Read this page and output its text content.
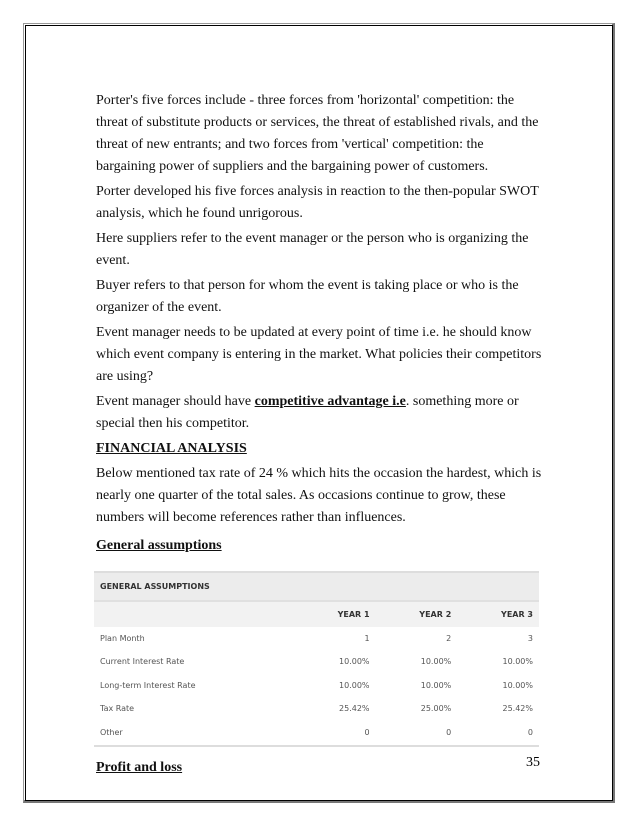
Porter's five forces include - three forces from 'horizontal' competition: the threat of substitute products or services, the threat of established rivals, and the threat of new entrants; and two forces from 'vertical' competition: the bargaining power of suppliers and the bargaining power of customers.

Porter developed his five forces analysis in reaction to the then-popular SWOT analysis, which he found unrigorous.

Here suppliers refer to the event manager or the person who is organizing the event.

Buyer refers to that person for whom the event is taking place or who is the organizer of the event.

Event manager needs to be updated at every point of time i.e. he should know which event company is entering in the market. What policies their competitors are using?

Event manager should have competitive advantage i.e. something more or special then his competitor.

FINANCIAL ANALYSIS

Below mentioned tax rate of 24 % which hits the occasion the hardest, which is nearly one quarter of the total sales. As occasions continue to grow, these numbers will become references rather than influences.

General assumptions

GENERAL ASSUMPTIONS			
	YEAR 1	YEAR 2	YEAR 3
Plan Month	1	2	3
Current Interest Rate	10.00%	10.00%	10.00%
Long-term Interest Rate	10.00%	10.00%	10.00%
Tax Rate	25.42%	25.00%	25.42%
Other	0	0	0

Profit and loss	35
